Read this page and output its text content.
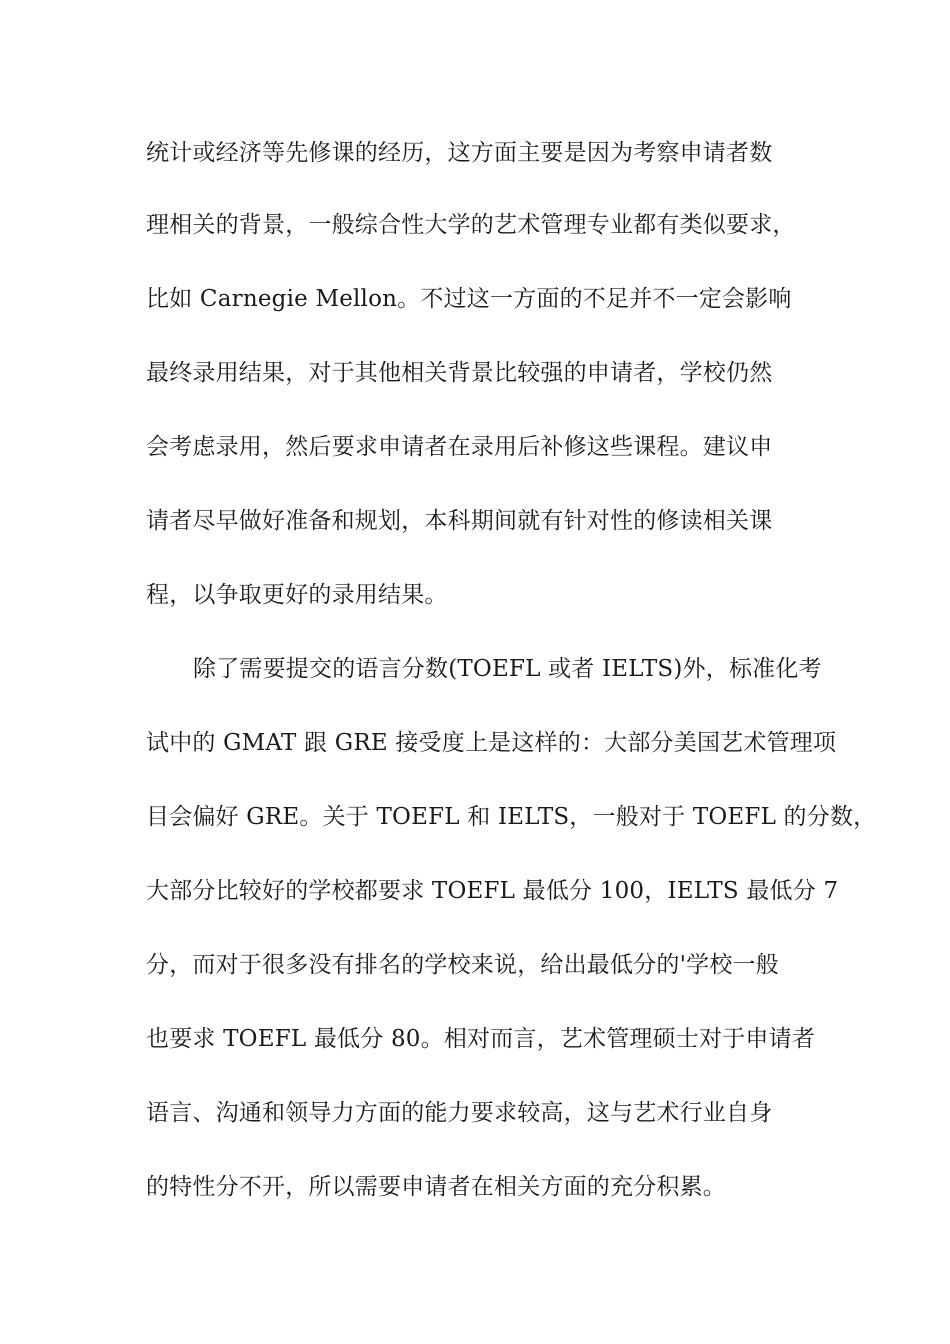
统计或经济等先修课的经历，这方面主要是因为考察申请者数
理相关的背景，一般综合性大学的艺术管理专业都有类似要求，
比如 Carnegie Mellon。不过这一方面的不足并不一定会影响
最终录用结果，对于其他相关背景比较强的申请者，学校仍然
会考虑录用，然后要求申请者在录用后补修这些课程。建议申
请者尽早做好准备和规划，本科期间就有针对性的修读相关课
程，以争取更好的录用结果。
除了需要提交的语言分数(TOEFL 或者 IELTS)外，标准化考
试中的 GMAT 跟 GRE 接受度上是这样的：大部分美国艺术管理项
目会偏好 GRE。关于 TOEFL 和 IELTS，一般对于 TOEFL 的分数，
大部分比较好的学校都要求 TOEFL 最低分 100，IELTS 最低分 7
分，而对于很多没有排名的学校来说，给出最低分的'学校一般
也要求 TOEFL 最低分 80。相对而言，艺术管理硕士对于申请者
语言、沟通和领导力方面的能力要求较高，这与艺术行业自身
的特性分不开，所以需要申请者在相关方面的充分积累。
